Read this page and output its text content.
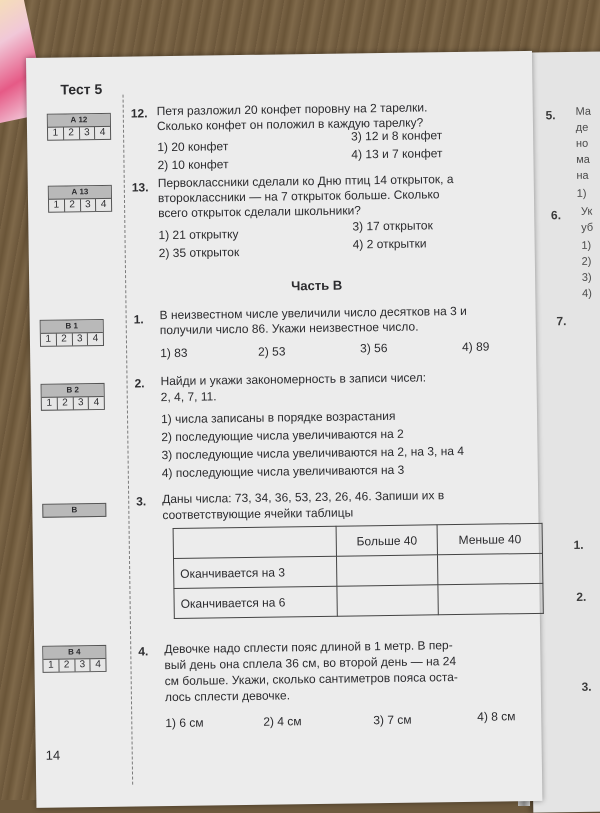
5. Ма
де
но
ма
на
1)
6. Ук
уб
1)
2)
3)
4)
7.
1.
2.
3.
Тест 5
А 12
1	2	3	4
12. Петя разложил 20 конфет поровну на 2 тарелки.
Сколько конфет он положил в каждую тарелку?
1) 20 конфет
3) 12 и 8 конфет
2) 10 конфет
4) 13 и 7 конфет
А 13
1	2	3	4
13. Первоклассники сделали ко Дню птиц 14 открыток, а
второклассники — на 7 открыток больше. Сколько
всего открыток сделали школьники?
1) 21 открытку
3) 17 открыток
2) 35 открыток
4) 2 открытки
Часть В
В 1
1	2	3	4
1. В неизвестном числе увеличили число десятков на 3 и
получили число 86. Укажи неизвестное число.
1) 83	2) 53	3) 56	4) 89
В 2
1	2	3	4
2. Найди и укажи закономерность в записи чисел:
2, 4, 7, 11.
1) числа записаны в порядке возрастания
2) последующие числа увеличиваются на 2
3) последующие числа увеличиваются на 2, на 3, на 4
4) последующие числа увеличиваются на 3
В
3. Даны числа: 73, 34, 36, 53, 23, 26, 46. Запиши их в
соответствующие ячейки таблицы
	Больше 40	Меньше 40
Оканчивается на 3		
Оканчивается на 6		
В 4
1	2	3	4
4. Девочке надо сплести пояс длиной в 1 метр. В пер-
вый день она сплела 36 см, во второй день — на 24
см больше. Укажи, сколько сантиметров пояса оста-
лось сплести девочке.
1) 6 см	2) 4 см	3) 7 см	4) 8 см
14
